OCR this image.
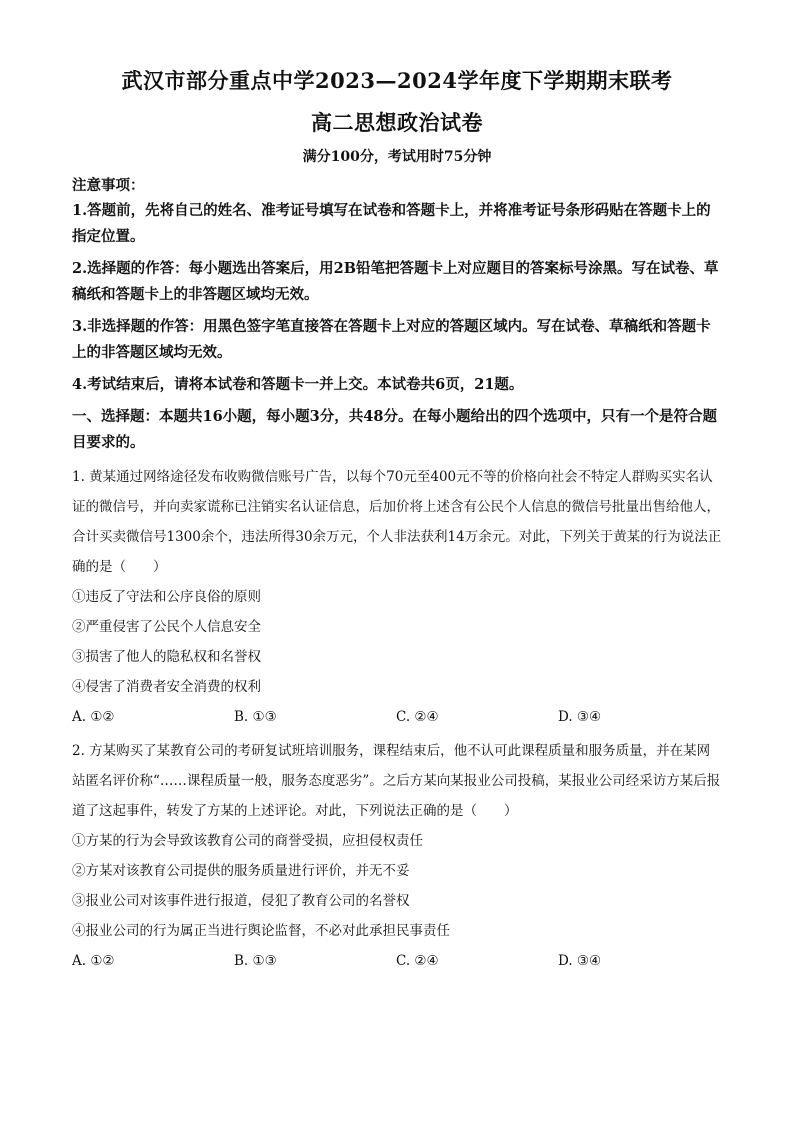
武汉市部分重点中学2023—2024学年度下学期期末联考
高二思想政治试卷
满分100分，考试用时75分钟
注意事项：

1.答题前，先将自己的姓名、准考证号填写在试卷和答题卡上，并将准考证号条形码贴在答题卡上的指定位置。

2.选择题的作答：每小题选出答案后，用2B铅笔把答题卡上对应题目的答案标号涂黑。写在试卷、草稿纸和答题卡上的非答题区域均无效。

3.非选择题的作答：用黑色签字笔直接答在答题卡上对应的答题区域内。写在试卷、草稿纸和答题卡上的非答题区域均无效。

4.考试结束后，请将本试卷和答题卡一并上交。本试卷共6页，21题。

一、选择题：本题共16小题，每小题3分，共48分。在每小题给出的四个选项中，只有一个是符合题目要求的。

1. 黄某通过网络途径发布收购微信账号广告，以每个70元至400元不等的价格向社会不特定人群购买实名认证的微信号，并向卖家谎称已注销实名认证信息，后加价将上述含有公民个人信息的微信号批量出售给他人，合计买卖微信号1300余个，违法所得30余万元，个人非法获利14万余元。对此，下列关于黄某的行为说法正确的是（　　）

①违反了守法和公序良俗的原则

②严重侵害了公民个人信息安全

③损害了他人的隐私权和名誉权

④侵害了消费者安全消费的权利

A. ①②	B. ①③	C. ②④	D. ③④

2. 方某购买了某教育公司的考研复试班培训服务，课程结束后，他不认可此课程质量和服务质量，并在某网站匿名评价称“……课程质量一般，服务态度恶劣”。之后方某向某报业公司投稿，某报业公司经采访方某后报道了这起事件，转发了方某的上述评论。对此，下列说法正确的是（　　）

①方某的行为会导致该教育公司的商誉受损，应担侵权责任

②方某对该教育公司提供的服务质量进行评价，并无不妥

③报业公司对该事件进行报道，侵犯了教育公司的名誉权

④报业公司的行为属正当进行舆论监督，不必对此承担民事责任

A. ①②	B. ①③	C. ②④	D. ③④
